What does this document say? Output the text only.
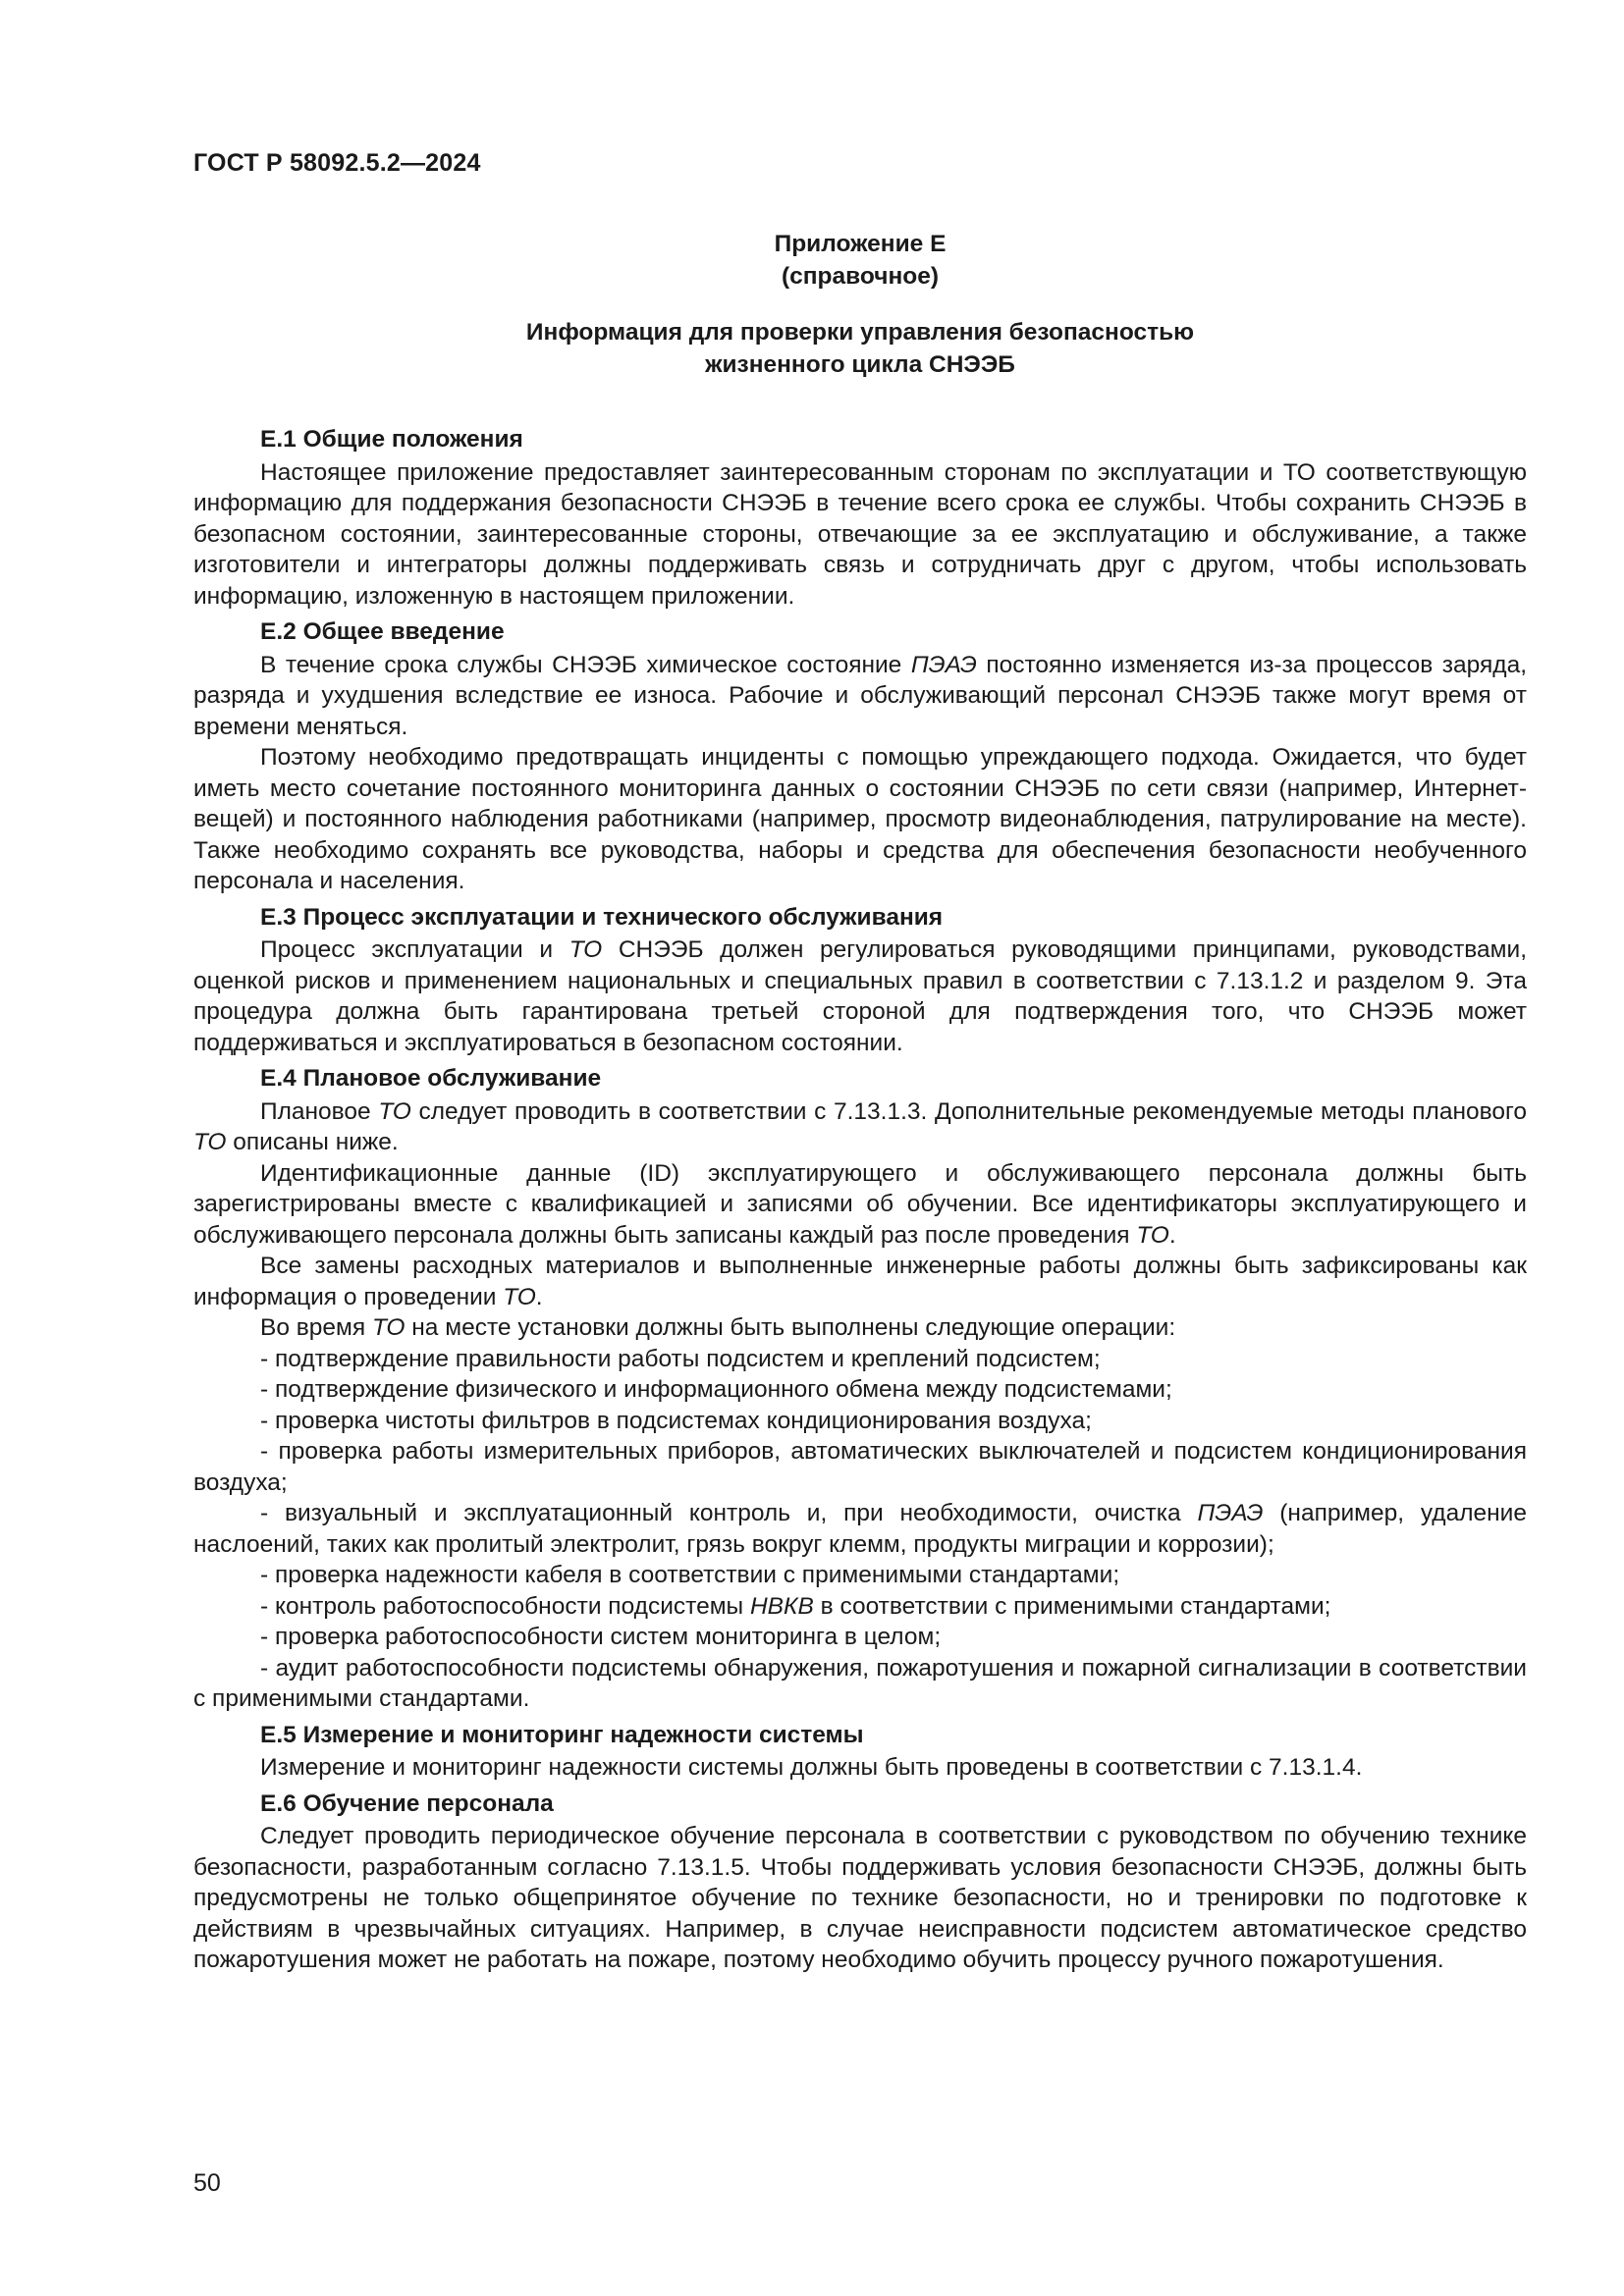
ГОСТ Р 58092.5.2—2024
Приложение Е
(справочное)
Информация для проверки управления безопасностью
жизненного цикла СНЭЭБ
Е.1 Общие положения

Настоящее приложение предоставляет заинтересованным сторонам по эксплуатации и ТО соответствующую информацию для поддержания безопасности СНЭЭБ в течение всего срока ее службы. Чтобы сохранить СНЭЭБ в безопасном состоянии, заинтересованные стороны, отвечающие за ее эксплуатацию и обслуживание, а также изготовители и интеграторы должны поддерживать связь и сотрудничать друг с другом, чтобы использовать информацию, изложенную в настоящем приложении.

Е.2 Общее введение

В течение срока службы СНЭЭБ химическое состояние ПЭАЭ постоянно изменяется из-за процессов заряда, разряда и ухудшения вследствие ее износа. Рабочие и обслуживающий персонал СНЭЭБ также могут время от времени меняться.

Поэтому необходимо предотвращать инциденты с помощью упреждающего подхода. Ожидается, что будет иметь место сочетание постоянного мониторинга данных о состоянии СНЭЭБ по сети связи (например, Интернет-вещей) и постоянного наблюдения работниками (например, просмотр видеонаблюдения, патрулирование на месте). Также необходимо сохранять все руководства, наборы и средства для обеспечения безопасности необученного персонала и населения.

Е.3 Процесс эксплуатации и технического обслуживания

Процесс эксплуатации и ТО СНЭЭБ должен регулироваться руководящими принципами, руководствами, оценкой рисков и применением национальных и специальных правил в соответствии с 7.13.1.2 и разделом 9. Эта процедура должна быть гарантирована третьей стороной для подтверждения того, что СНЭЭБ может поддерживаться и эксплуатироваться в безопасном состоянии.

Е.4 Плановое обслуживание

Плановое ТО следует проводить в соответствии с 7.13.1.3. Дополнительные рекомендуемые методы планового ТО описаны ниже.

Идентификационные данные (ID) эксплуатирующего и обслуживающего персонала должны быть зарегистрированы вместе с квалификацией и записями об обучении. Все идентификаторы эксплуатирующего и обслуживающего персонала должны быть записаны каждый раз после проведения ТО.

Все замены расходных материалов и выполненные инженерные работы должны быть зафиксированы как информация о проведении ТО.

Во время ТО на месте установки должны быть выполнены следующие операции:

- подтверждение правильности работы подсистем и креплений подсистем;

- подтверждение физического и информационного обмена между подсистемами;

- проверка чистоты фильтров в подсистемах кондиционирования воздуха;

- проверка работы измерительных приборов, автоматических выключателей и подсистем кондиционирования воздуха;

- визуальный и эксплуатационный контроль и, при необходимости, очистка ПЭАЭ (например, удаление наслоений, таких как пролитый электролит, грязь вокруг клемм, продукты миграции и коррозии);

- проверка надежности кабеля в соответствии с применимыми стандартами;

- контроль работоспособности подсистемы НВКВ в соответствии с применимыми стандартами;

- проверка работоспособности систем мониторинга в целом;

- аудит работоспособности подсистемы обнаружения, пожаротушения и пожарной сигнализации в соответствии с применимыми стандартами.

Е.5 Измерение и мониторинг надежности системы

Измерение и мониторинг надежности системы должны быть проведены в соответствии с 7.13.1.4.

Е.6 Обучение персонала

Следует проводить периодическое обучение персонала в соответствии с руководством по обучению технике безопасности, разработанным согласно 7.13.1.5. Чтобы поддерживать условия безопасности СНЭЭБ, должны быть предусмотрены не только общепринятое обучение по технике безопасности, но и тренировки по подготовке к действиям в чрезвычайных ситуациях. Например, в случае неисправности подсистем автоматическое средство пожаротушения может не работать на пожаре, поэтому необходимо обучить процессу ручного пожаротушения.

50
